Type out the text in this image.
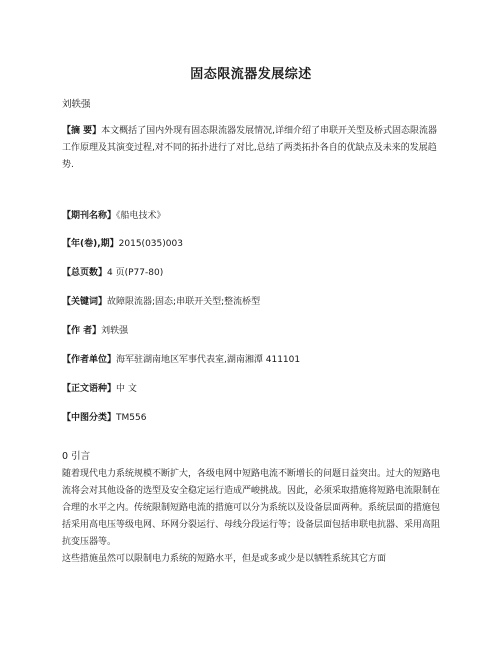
固态限流器发展综述
刘轶强
【摘 要】本文概括了国内外现有固态限流器发展情况,详细介绍了串联开关型及桥式固态限流器工作原理及其演变过程,对不同的拓扑进行了对比,总结了两类拓扑各自的优缺点及未来的发展趋势.
【期刊名称】《船电技术》
【年(卷),期】2015(035)003
【总页数】4 页(P77-80)
【关键词】故障限流器;固态;串联开关型;整流桥型
【作 者】刘轶强
【作者单位】海军驻湖南地区军事代表室,湖南湘潭 411101
【正文语种】中 文
【中图分类】TM556
0 引言

随着现代电力系统规模不断扩大，各级电网中短路电流不断增长的问题日益突出。过大的短路电流将会对其他设备的选型及安全稳定运行造成严峻挑战。因此，必须采取措施将短路电流限制在合理的水平之内。传统限制短路电流的措施可以分为系统以及设备层面两种。系统层面的措施包括采用高电压等级电网、环网分裂运行、母线分段运行等；设备层面包括串联电抗器、采用高阻抗变压器等。

这些措施虽然可以限制电力系统的短路水平，但是或多或少是以牺牲系统其它方面
